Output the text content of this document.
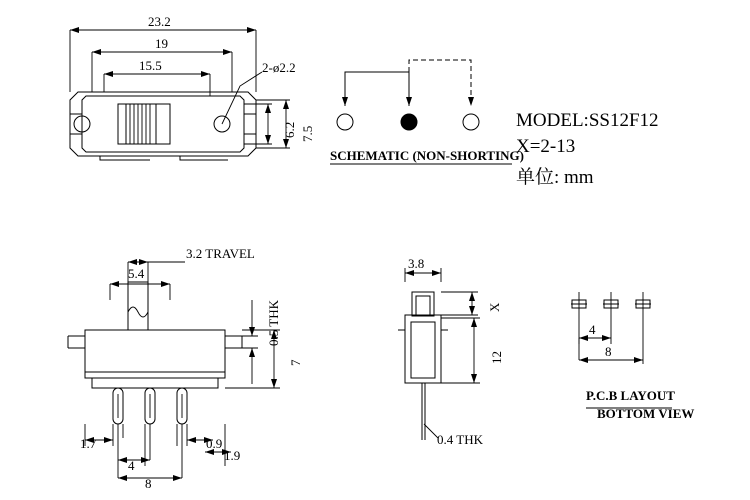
23.2
19
15.5	2-ø2.2
7.5
6.2
SCHEMATIC (NON-SHORTING)
MODEL:SS12F12
X=2-13
单位: mm
3.2 TRAVEL
5.4
0.5 THK
7
1.7	0.9
1.9
4
8
3.8
X
12
0.4 THK
4
8
P.C.B LAYOUT
BOTTOM VIEW
